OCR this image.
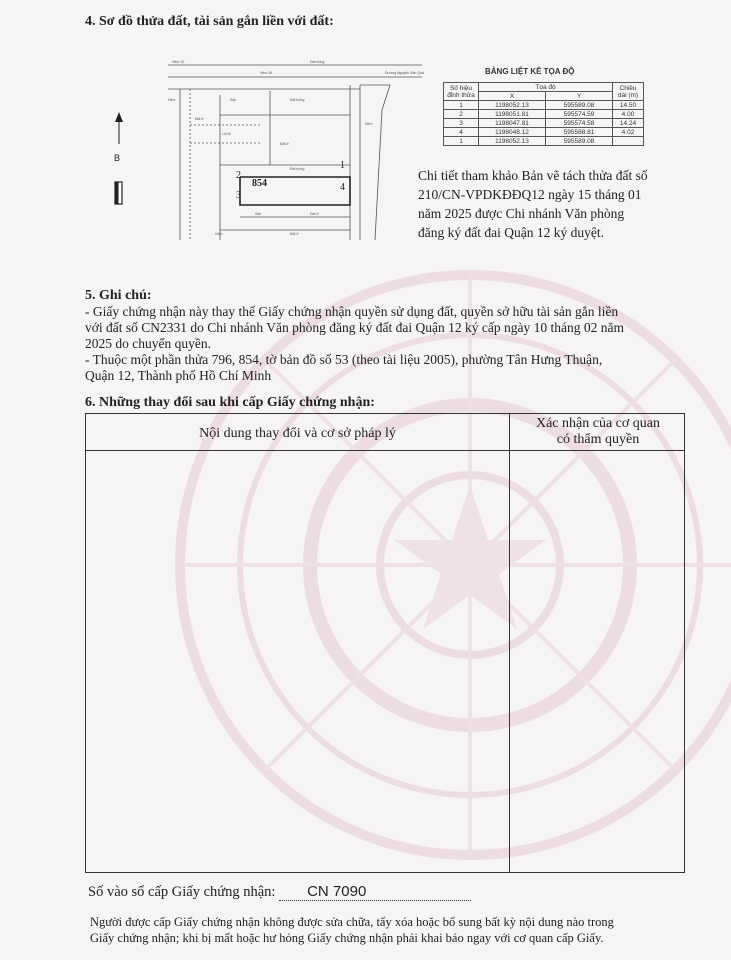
4. Sơ đồ thửa đất, tài sản gắn liền với đất:
B
Hẻm 10	Đất trống
Hẻm 39	Đường Nguyễn Văn Quá
Hẻm	Sân	Đất trống
Đất ở
Đất ở
Lối đi
Hẻm
Đất trống
Sân	Đất ở
Hẻm	Đất ở
854
1
2
3
4
BẢNG LIỆT KÊ TỌA ĐỘ
Số hiệu đỉnh thửa	Tọa độ		Chiều dài (m)
	X	Y	
1	1198052.13	595589.08	14.50
2	1198051.81	595574.59	4.00
3	1198047.81	595574.58	14.24
4	1198048.12	595588.81	4.02
1	1198052.13	595589.08	
Chi tiết tham khảo Bản vẽ tách thửa đất số
210/CN-VPDKĐĐQ12 ngày 15 tháng 01
năm 2025 được Chi nhánh Văn phòng
đăng ký đất đai Quận 12 ký duyệt.
5. Ghi chú:
- Giấy chứng nhận này thay thế Giấy chứng nhận quyền sử dụng đất, quyền sở hữu tài sản gắn liền
với đất số CN2331 do Chi nhánh Văn phòng đăng ký đất đai Quận 12 ký cấp ngày 10 tháng 02 năm
2025 do chuyển quyền.
- Thuộc một phần thửa 796, 854, tờ bản đồ số 53 (theo tài liệu 2005), phường Tân Hưng Thuận,
Quận 12, Thành phố Hồ Chí Minh
6. Những thay đổi sau khi cấp Giấy chứng nhận:
Nội dung thay đổi và cơ sở pháp lý
Xác nhận của cơ quan
có thẩm quyền
Số vào sổ cấp Giấy chứng nhận: CN 7090
Người được cấp Giấy chứng nhận không được sửa chữa, tẩy xóa hoặc bổ sung bất kỳ nội dung nào trong
Giấy chứng nhận; khi bị mất hoặc hư hỏng Giấy chứng nhận phải khai báo ngay với cơ quan cấp Giấy.
